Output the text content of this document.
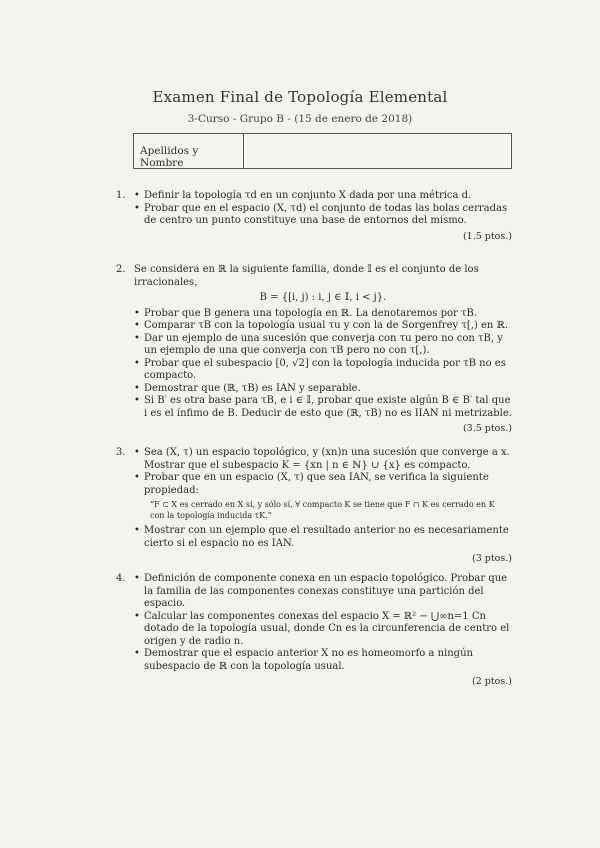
Examen Final de Topología Elemental
3-Curso - Grupo B - (15 de enero de 2018)
Apellidos y Nombre
1.	• Definir la topología τd en un conjunto X dada por una métrica d.
• Probar que en el espacio (X, τd) el conjunto de todas las bolas cerradas de centro un punto constituye una base de entornos del mismo.
(1.5 ptos.)
2. Se considera en ℝ la siguiente familia, donde 𝕀 es el conjunto de los irracionales,

B = {[i, j) : i, j ∈ 𝕀, i < j}.
• Probar que B genera una topología en ℝ. La denotaremos por τB.
• Comparar τB con la topología usual τu y con la de Sorgenfrey τ[,) en ℝ.
• Dar un ejemplo de una sucesión que converja con τu pero no con τB, y un ejemplo de una que converja con τB pero no con τ[,).
• Probar que el subespacio [0, √2] con la topología inducida por τB no es compacto.
• Demostrar que (ℝ, τB) es IAN y separable.
• Si B′ es otra base para τB, e i ∈ 𝕀, probar que existe algún B ∈ B′ tal que i es el ínfimo de B. Deducir de esto que (ℝ, τB) no es IIAN ni metrizable.
(3.5 ptos.)
3.	• Sea (X, τ) un espacio topológico, y (xn)n una sucesión que converge a x. Mostrar que el subespacio K = {xn | n ∈ ℕ} ∪ {x} es compacto.

• Probar que en un espacio (X, τ) que sea IAN, se verifica la siguiente propiedad:
“F ⊂ X es cerrado en X sí, y sólo sí, ∀ compacto K se tiene que F ∩ K es cerrado en K con la topología inducida τK.”
• Mostrar con un ejemplo que el resultado anterior no es necesariamente cierto si el espacio no es IAN.
(3 ptos.)
4.	• Definición de componente conexa en un espacio topológico. Probar que la familia de las componentes conexas constituye una partición del espacio.

• Calcular las componentes conexas del espacio X = ℝ² − ⋃∞n=1 Cn dotado de la topología usual, donde Cn es la circunferencia de centro el origen y de radio n.
• Demostrar que el espacio anterior X no es homeomorfo a ningún subespacio de ℝ con la topología usual.
(2 ptos.)
